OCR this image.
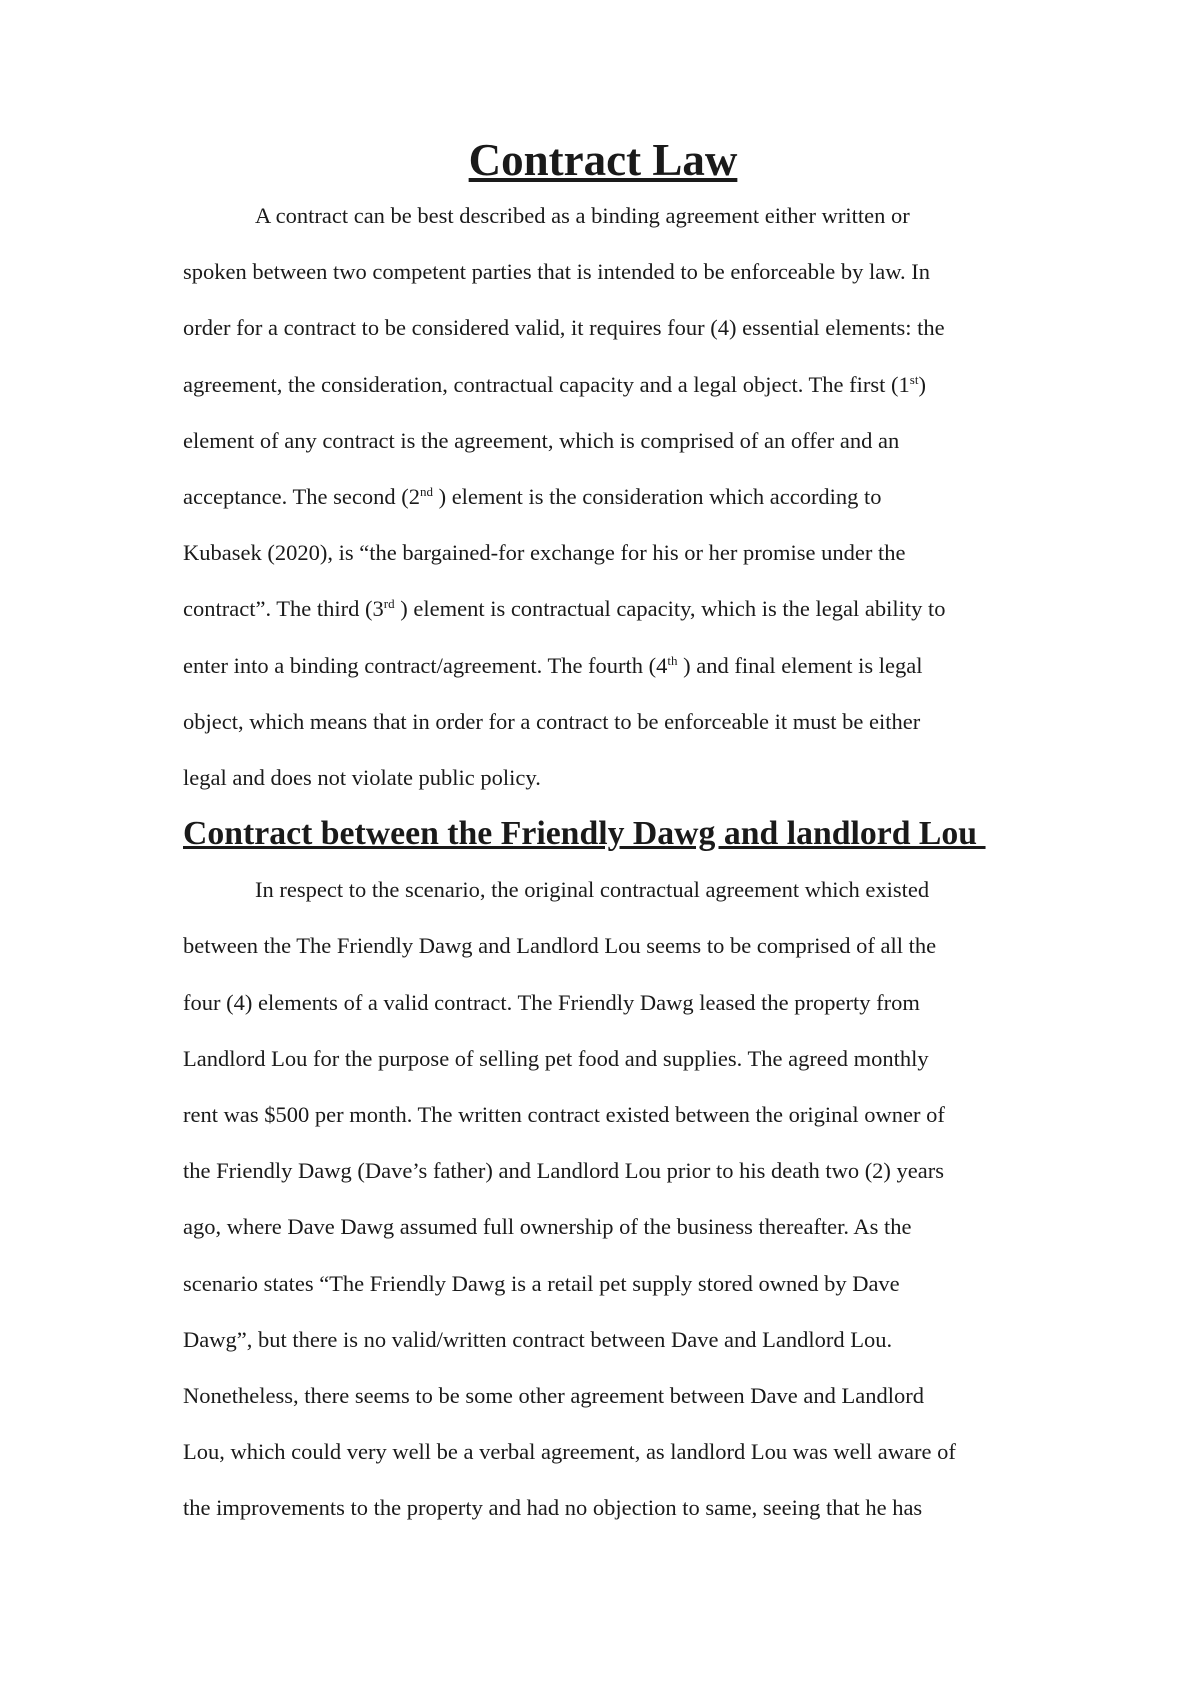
Contract Law

A contract can be best described as a binding agreement either written or
spoken between two competent parties that is intended to be enforceable by law. In
order for a contract to be considered valid, it requires four (4) essential elements: the
agreement, the consideration, contractual capacity and a legal object. The first (1st)
element of any contract is the agreement, which is comprised of an offer and an
acceptance. The second (2nd ) element is the consideration which according to
Kubasek (2020), is “the bargained-for exchange for his or her promise under the
contract”. The third (3rd ) element is contractual capacity, which is the legal ability to
enter into a binding contract/agreement. The fourth (4th ) and final element is legal
object, which means that in order for a contract to be enforceable it must be either
legal and does not violate public policy.

Contract between the Friendly Dawg and landlord Lou

In respect to the scenario, the original contractual agreement which existed
between the The Friendly Dawg and Landlord Lou seems to be comprised of all the
four (4) elements of a valid contract. The Friendly Dawg leased the property from
Landlord Lou for the purpose of selling pet food and supplies. The agreed monthly
rent was $500 per month. The written contract existed between the original owner of
the Friendly Dawg (Dave’s father) and Landlord Lou prior to his death two (2) years
ago, where Dave Dawg assumed full ownership of the business thereafter. As the
scenario states “The Friendly Dawg is a retail pet supply stored owned by Dave
Dawg”, but there is no valid/written contract between Dave and Landlord Lou.
Nonetheless, there seems to be some other agreement between Dave and Landlord
Lou, which could very well be a verbal agreement, as landlord Lou was well aware of
the improvements to the property and had no objection to same, seeing that he has
